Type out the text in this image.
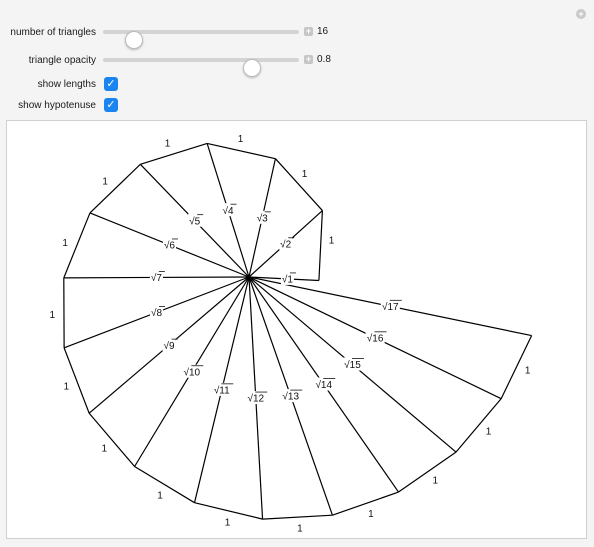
number of triangles	+ 16
triangle opacity	+ 0.8
show lengths ✓
show hypotenuse ✓
+
1
1
1
1
1
1
1
1
1
1
1
1
1
1
1
1
√1
√2
√3
√4
√5
√6
√7
√8
√9
√10
√11
√12 √13
√14
√15
√16
√17
